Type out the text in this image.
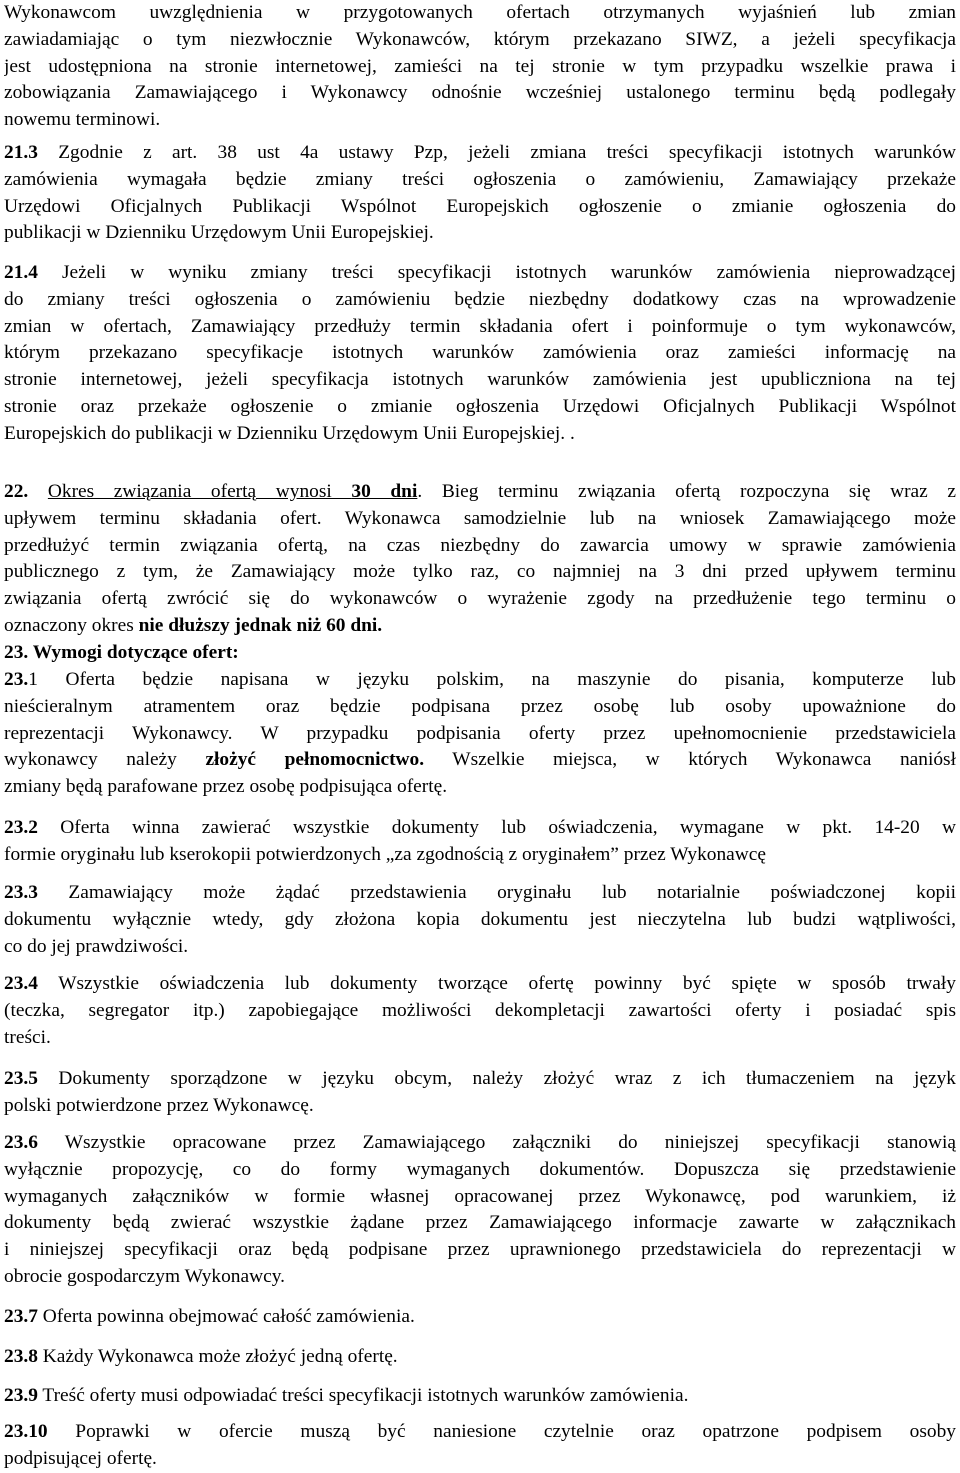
Wykonawcom uwzględnienia w przygotowanych ofertach otrzymanych wyjaśnień lub zmian
zawiadamiając o tym niezwłocznie Wykonawców, którym przekazano SIWZ, a jeżeli specyfikacja
jest udostępniona na stronie internetowej, zamieści na tej stronie w tym przypadku wszelkie prawa i
zobowiązania Zamawiającego i Wykonawcy odnośnie wcześniej ustalonego terminu będą podlegały
nowemu terminowi.
21.3 Zgodnie z art. 38 ust 4a ustawy Pzp, jeżeli zmiana treści specyfikacji istotnych warunków
zamówienia wymagała będzie zmiany treści ogłoszenia o zamówieniu, Zamawiający przekaże
Urzędowi Oficjalnych Publikacji Wspólnot Europejskich ogłoszenie o zmianie ogłoszenia do
publikacji w Dzienniku Urzędowym Unii Europejskiej.
21.4 Jeżeli w wyniku zmiany treści specyfikacji istotnych warunków zamówienia nieprowadzącej
do zmiany treści ogłoszenia o zamówieniu będzie niezbędny dodatkowy czas na wprowadzenie
zmian w ofertach, Zamawiający przedłuży termin składania ofert i poinformuje o tym wykonawców,
którym przekazano specyfikacje istotnych warunków zamówienia oraz zamieści informację na
stronie internetowej, jeżeli specyfikacja istotnych warunków zamówienia jest upubliczniona na tej
stronie oraz przekaże ogłoszenie o zmianie ogłoszenia Urzędowi Oficjalnych Publikacji Wspólnot
Europejskich do publikacji w Dzienniku Urzędowym Unii Europejskiej. .
22. Okres związania ofertą wynosi 30 dni. Bieg terminu związania ofertą rozpoczyna się wraz z
upływem terminu składania ofert. Wykonawca samodzielnie lub na wniosek Zamawiającego może
przedłużyć termin związania ofertą, na czas niezbędny do zawarcia umowy w sprawie zamówienia
publicznego z tym, że Zamawiający może tylko raz, co najmniej na 3 dni przed upływem terminu
związania ofertą zwrócić się do wykonawców o wyrażenie zgody na przedłużenie tego terminu o
oznaczony okres nie dłuższy jednak niż 60 dni.
23. Wymogi dotyczące ofert:
23.1 Oferta będzie napisana w języku polskim, na maszynie do pisania, komputerze lub
nieścieralnym atramentem oraz będzie podpisana przez osobę lub osoby upoważnione do
reprezentacji Wykonawcy. W przypadku podpisania oferty przez upełnomocnienie przedstawiciela
wykonawcy należy złożyć pełnomocnictwo. Wszelkie miejsca, w których Wykonawca naniósł
zmiany będą parafowane przez osobę podpisująca ofertę.
23.2 Oferta winna zawierać wszystkie dokumenty lub oświadczenia, wymagane w pkt. 14-20 w
formie oryginału lub kserokopii potwierdzonych „za zgodnością z oryginałem” przez Wykonawcę
23.3 Zamawiający może żądać przedstawienia oryginału lub notarialnie poświadczonej kopii
dokumentu wyłącznie wtedy, gdy złożona kopia dokumentu jest nieczytelna lub budzi wątpliwości,
co do jej prawdziwości.
23.4 Wszystkie oświadczenia lub dokumenty tworzące ofertę powinny być spięte w sposób trwały
(teczka, segregator itp.) zapobiegające możliwości dekompletacji zawartości oferty i posiadać spis
treści.
23.5 Dokumenty sporządzone w języku obcym, należy złożyć wraz z ich tłumaczeniem na język
polski potwierdzone przez Wykonawcę.
23.6 Wszystkie opracowane przez Zamawiającego załączniki do niniejszej specyfikacji stanowią
wyłącznie propozycję, co do formy wymaganych dokumentów. Dopuszcza się przedstawienie
wymaganych załączników w formie własnej opracowanej przez Wykonawcę, pod warunkiem, iż
dokumenty będą zwierać wszystkie żądane przez Zamawiającego informacje zawarte w załącznikach
i niniejszej specyfikacji oraz będą podpisane przez uprawnionego przedstawiciela do reprezentacji w
obrocie gospodarczym Wykonawcy.
23.7 Oferta powinna obejmować całość zamówienia.
23.8 Każdy Wykonawca może złożyć jedną ofertę.
23.9 Treść oferty musi odpowiadać treści specyfikacji istotnych warunków zamówienia.
23.10 Poprawki w ofercie muszą być naniesione czytelnie oraz opatrzone podpisem osoby
podpisującej ofertę.
